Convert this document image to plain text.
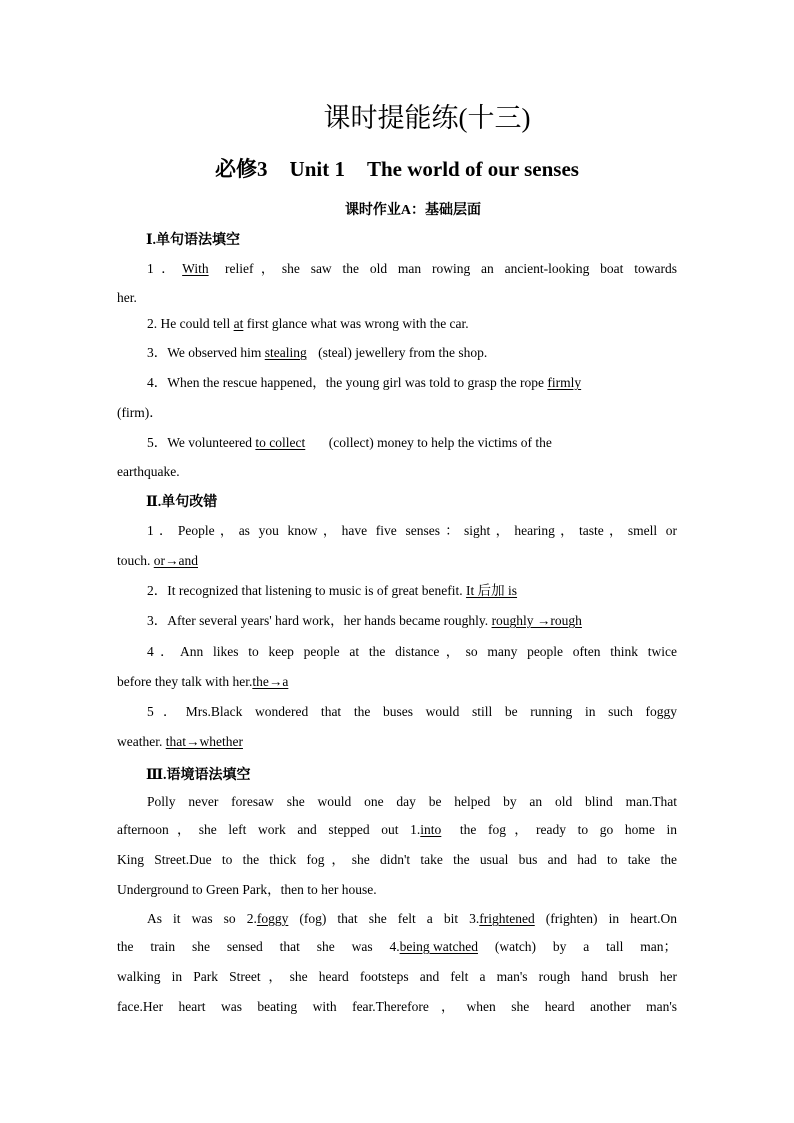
课时提能练(十三)
必修3 Unit 1 The world of our senses
课时作业A：基础层面
Ⅰ.单句语法填空
1．With relief，she saw the old man rowing an ancient-looking boat towards
her.
2. He could tell at first glance what was wrong with the car.
3．We observed him stealing (steal) jewellery from the shop.
4．When the rescue happened，the young girl was told to grasp the rope firmly
(firm)．
5．We volunteered to collect (collect) money to help the victims of the
earthquake.
Ⅱ.单句改错
1．People，as you know，have five senses：sight，hearing，taste，smell or
touch. or→and
2．It recognized that listening to music is of great benefit. It 后加 is
3．After several years' hard work，her hands became roughly. roughly →rough
4．Ann likes to keep people at the distance，so many people often think twice
before they talk with her.the→a
5．Mrs.Black wondered that the buses would still be running in such foggy
weather. that→whether
Ⅲ.语境语法填空
Polly never foresaw she would one day be helped by an old blind man.That
afternoon，she left work and stepped out 1.into the fog，ready to go home in
King Street.Due to the thick fog，she didn't take the usual bus and had to take the
Underground to Green Park，then to her house.
As it was so 2.foggy (fog) that she felt a bit 3.frightened (frighten) in heart.On
the train she sensed that she was 4.being watched (watch) by a tall man；
walking in Park Street，she heard footsteps and felt a man's rough hand brush her
face.Her heart was beating with fear.Therefore，when she heard another man's
